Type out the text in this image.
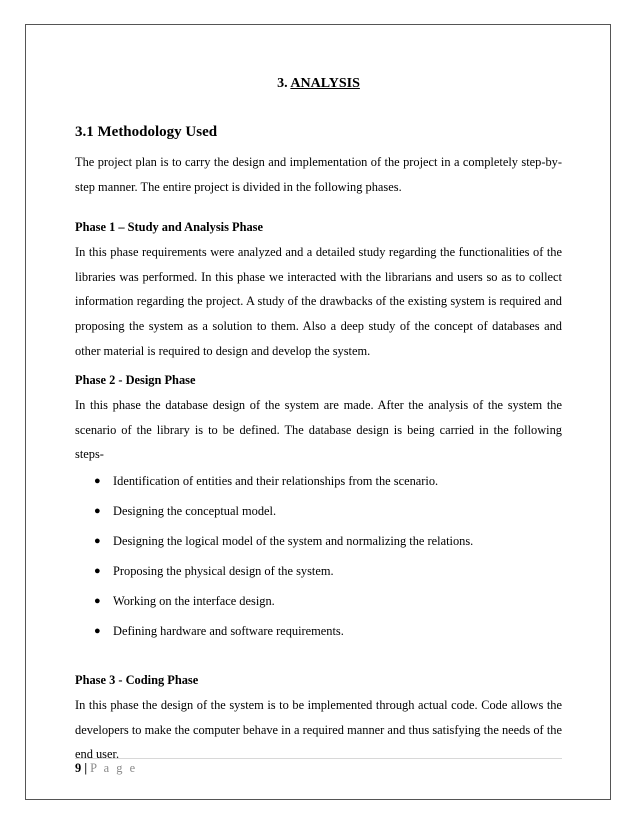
3. ANALYSIS
3.1 Methodology Used

The project plan is to carry the design and implementation of the project in a completely step-by-step manner. The entire project is divided in the following phases.

Phase 1 – Study and Analysis Phase

In this phase requirements were analyzed and a detailed study regarding the functionalities of the libraries was performed. In this phase we interacted with the librarians and users so as to collect information regarding the project. A study of the drawbacks of the existing system is required and proposing the system as a solution to them. Also a deep study of the concept of databases and other material is required to design and develop the system.

Phase 2 - Design Phase

In this phase the database design of the system are made. After the analysis of the system the scenario of the library is to be defined. The database design is being carried in the following steps-

● Identification of entities and their relationships from the scenario.
● Designing the conceptual model.
● Designing the logical model of the system and normalizing the relations.
● Proposing the physical design of the system.
● Working on the interface design.
● Defining hardware and software requirements.
Phase 3 - Coding Phase

In this phase the design of the system is to be implemented through actual code. Code allows the developers to make the computer behave in a required manner and thus satisfying the needs of the end user.

9 | P a g e
